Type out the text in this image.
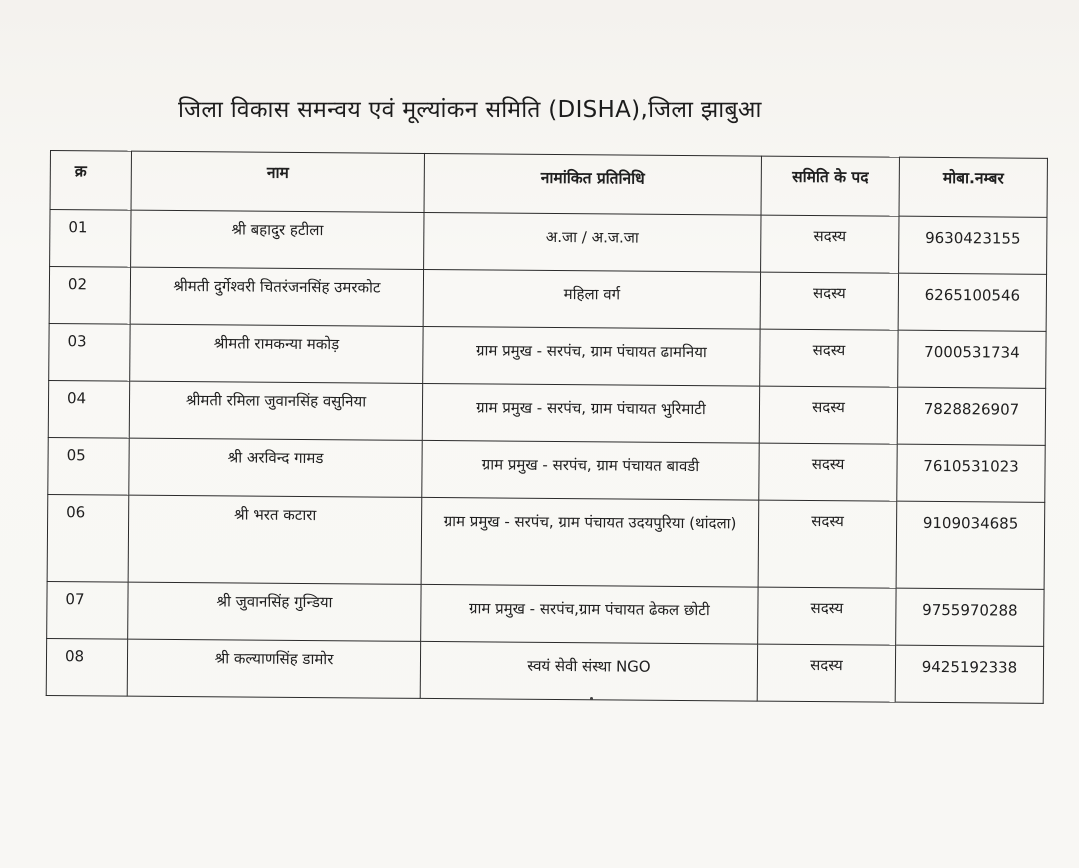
जिला विकास समन्वय एवं मूल्यांकन समिति (DISHA),जिला झाबुआ
क्र	नाम	नामांकित प्रतिनिधि	समिति के पद	मोबा.नम्बर
01	श्री बहादुर हटीला	अ.जा / अ.ज.जा	सदस्य	9630423155
02	श्रीमती दुर्गेश्वरी चितरंजनसिंह उमरकोट	महिला वर्ग	सदस्य	6265100546
03	श्रीमती रामकन्या मकोड़	ग्राम प्रमुख - सरपंच, ग्राम पंचायत ढामनिया	सदस्य	7000531734
04	श्रीमती रमिला जुवानसिंह वसुनिया	ग्राम प्रमुख - सरपंच, ग्राम पंचायत भुरिमाटी	सदस्य	7828826907
05	श्री अरविन्द गामड	ग्राम प्रमुख - सरपंच, ग्राम पंचायत बावडी	सदस्य	7610531023
06	श्री भरत कटारा	ग्राम प्रमुख - सरपंच, ग्राम पंचायत उदयपुरिया (थांदला)	सदस्य	9109034685
07	श्री जुवानसिंह गुन्डिया	ग्राम प्रमुख - सरपंच,ग्राम पंचायत ढेकल छोटी	सदस्य	9755970288
08	श्री कल्याणसिंह डामोर	स्वयं सेवी संस्था NGO	सदस्य	9425192338
